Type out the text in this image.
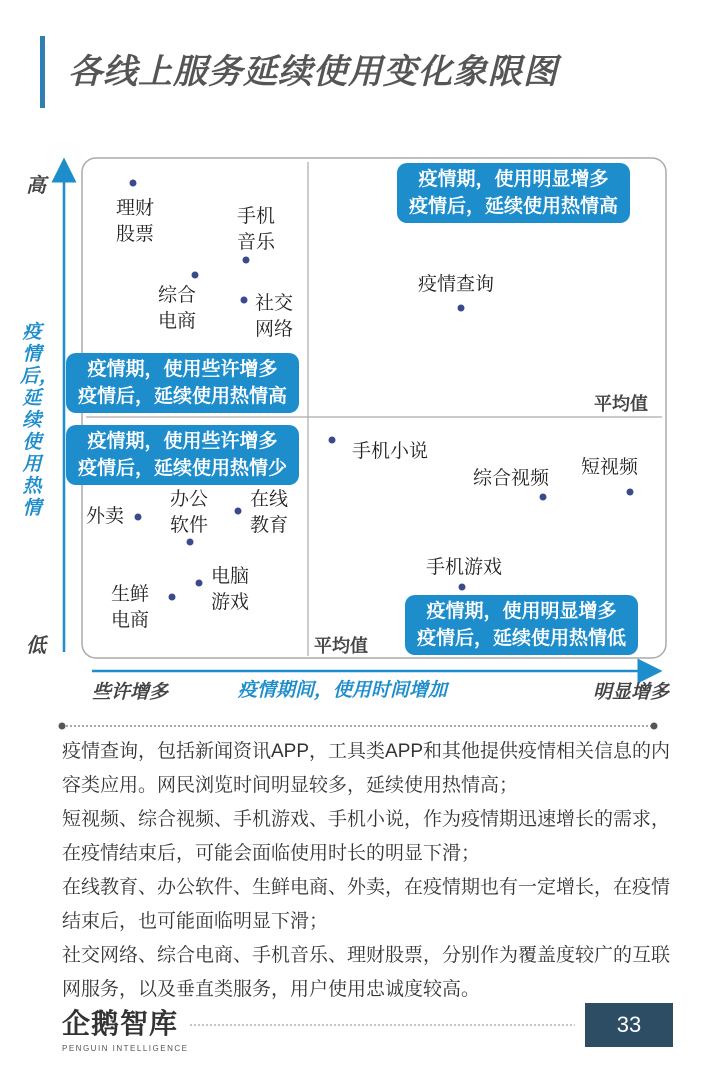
各线上服务延续使用变化象限图
高
低
些许增多	明显增多
疫情期间，使用时间增加
平均值
平均值
疫情后，延续使用热情
理财
股票
手机
音乐
综合
电商
社交
网络
疫情查询
手机小说
综合视频
短视频
外卖
办公
软件
在线
教育
电脑
游戏
生鲜
电商
手机游戏
疫情期，使用明显增多
疫情后，延续使用热情高
疫情期，使用些许增多
疫情后，延续使用热情高
疫情期，使用些许增多
疫情后，延续使用热情少
疫情期，使用明显增多
疫情后，延续使用热情低

疫情查询，包括新闻资讯APP，工具类APP和其他提供疫情相关信息的内容类应用。网民浏览时间明显较多，延续使用热情高；

短视频、综合视频、手机游戏、手机小说，作为疫情期迅速增长的需求，在疫情结束后，可能会面临使用时长的明显下滑；

在线教育、办公软件、生鲜电商、外卖，在疫情期也有一定增长，在疫情结束后，也可能面临明显下滑；

社交网络、综合电商、手机音乐、理财股票，分别作为覆盖度较广的互联网服务，以及垂直类服务，用户使用忠诚度较高。

企鹅智库
PENGUIN INTELLIGENCE
33
